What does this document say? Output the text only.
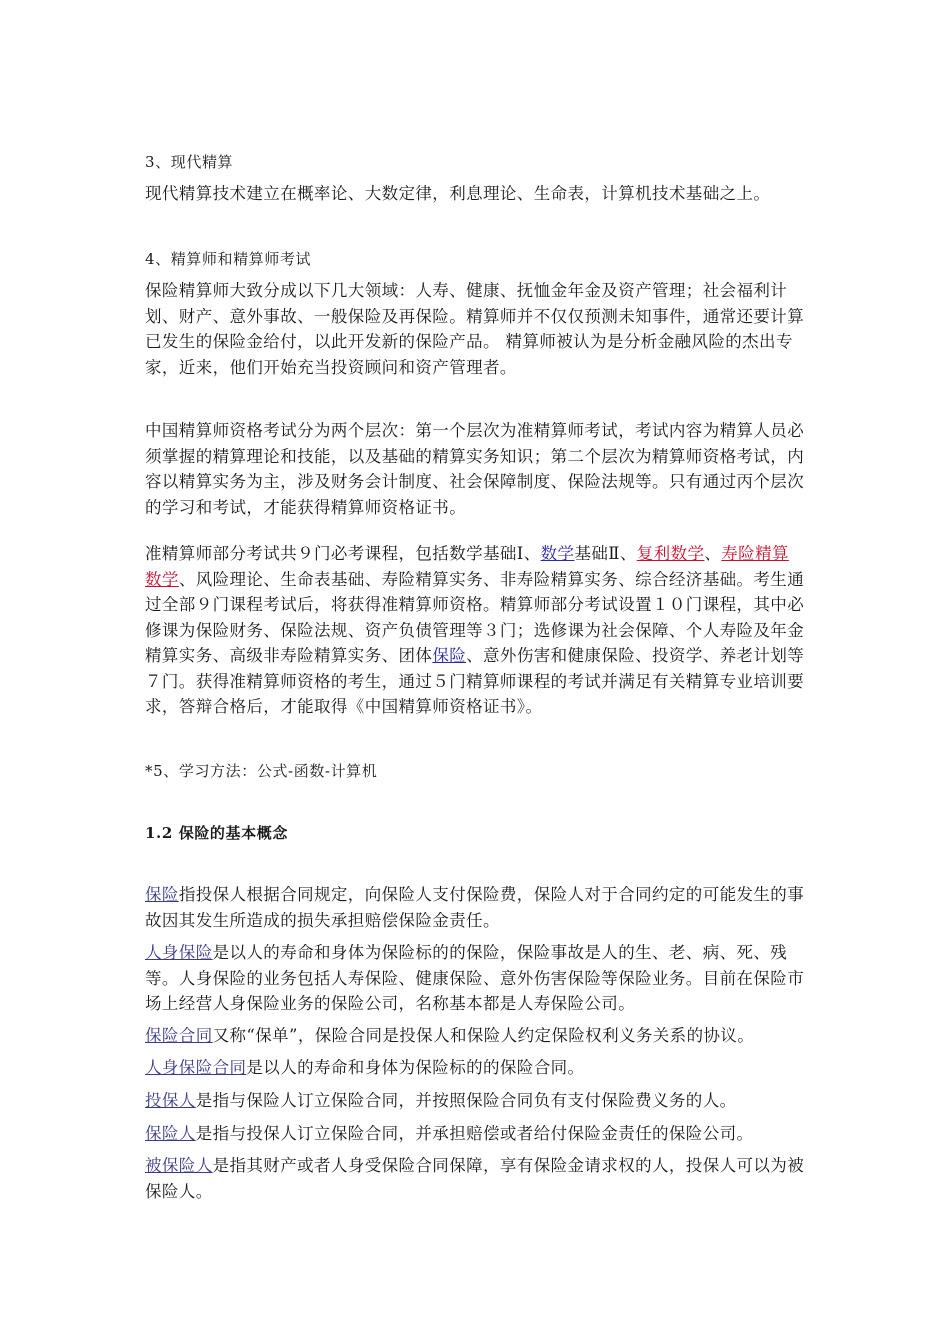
3、现代精算

现代精算技术建立在概率论、大数定律，利息理论、生命表，计算机技术基础之上。

4、精算师和精算师考试

保险精算师大致分成以下几大领域：人寿、健康、抚恤金年金及资产管理；社会福利计划、财产、意外事故、一般保险及再保险。精算师并不仅仅预测未知事件，通常还要计算已发生的保险金给付，以此开发新的保险产品。 精算师被认为是分析金融风险的杰出专家，近来，他们开始充当投资顾问和资产管理者。

中国精算师资格考试分为两个层次：第一个层次为准精算师考试，考试内容为精算人员必须掌握的精算理论和技能，以及基础的精算实务知识；第二个层次为精算师资格考试，内容以精算实务为主，涉及财务会计制度、社会保障制度、保险法规等。只有通过丙个层次的学习和考试，才能获得精算师资格证书。

准精算师部分考试共９门必考课程，包括数学基础Ⅰ、数学基础Ⅱ、复利数学、寿险精算数学、风险理论、生命表基础、寿险精算实务、非寿险精算实务、综合经济基础。考生通过全部９门课程考试后，将获得准精算师资格。精算师部分考试设置１０门课程，其中必修课为保险财务、保险法规、资产负债管理等３门；选修课为社会保障、个人寿险及年金精算实务、高级非寿险精算实务、团体保险、意外伤害和健康保险、投资学、养老计划等７门。获得准精算师资格的考生，通过５门精算师课程的考试并满足有关精算专业培训要求，答辩合格后，才能取得《中国精算师资格证书》。

*5、学习方法：公式-函数-计算机

1.2 保险的基本概念

保险指投保人根据合同规定，向保险人支付保险费，保险人对于合同约定的可能发生的事故因其发生所造成的损失承担赔偿保险金责任。

人身保险是以人的寿命和身体为保险标的的保险，保险事故是人的生、老、病、死、残等。人身保险的业务包括人寿保险、健康保险、意外伤害保险等保险业务。目前在保险市场上经营人身保险业务的保险公司，名称基本都是人寿保险公司。

保险合同又称“保单”，保险合同是投保人和保险人约定保险权利义务关系的协议。

人身保险合同是以人的寿命和身体为保险标的的保险合同。

投保人是指与保险人订立保险合同，并按照保险合同负有支付保险费义务的人。

保险人是指与投保人订立保险合同，并承担赔偿或者给付保险金责任的保险公司。

被保险人是指其财产或者人身受保险合同保障，享有保险金请求权的人，投保人可以为被保险人。
